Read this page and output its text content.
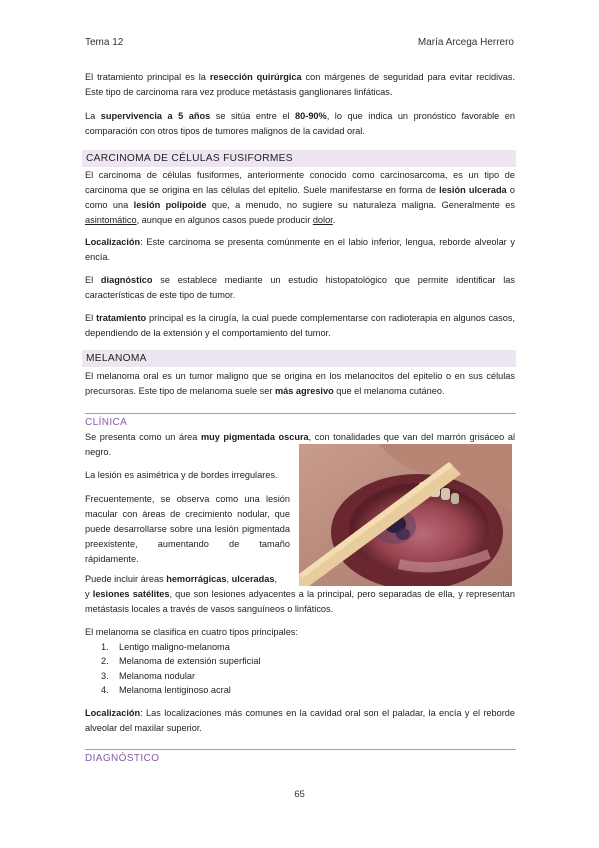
Tema 12	María Arcega Herrero

El tratamiento principal es la resección quirúrgica con márgenes de seguridad para evitar recidivas. Este tipo de carcinoma rara vez produce metástasis ganglionares linfáticas.

La supervivencia a 5 años se sitúa entre el 80-90%, lo que indica un pronóstico favorable en comparación con otros tipos de tumores malignos de la cavidad oral.

CARCINOMA DE CÉLULAS FUSIFORMES

El carcinoma de células fusiformes, anteriormente conocido como carcinosarcoma, es un tipo de carcinoma que se origina en las células del epitelio. Suele manifestarse en forma de lesión ulcerada o como una lesión polipoide que, a menudo, no sugiere su naturaleza maligna. Generalmente es asintomático, aunque en algunos casos puede producir dolor.

Localización: Este carcinoma se presenta comúnmente en el labio inferior, lengua, reborde alveolar y encía.

El diagnóstico se establece mediante un estudio histopatológico que permite identificar las características de este tipo de tumor.

El tratamiento principal es la cirugía, la cual puede complementarse con radioterapia en algunos casos, dependiendo de la extensión y el comportamiento del tumor.

MELANOMA

El melanoma oral es un tumor maligno que se origina en los melanocitos del epitelio o en sus células precursoras. Este tipo de melanoma suele ser más agresivo que el melanoma cutáneo.

CLÍNICA

Se presenta como un área muy pigmentada oscura, con tonalidades que van del marrón grisáceo al negro.

La lesión es asimétrica y de bordes irregulares.

Frecuentemente, se observa como una lesión macular con áreas de crecimiento nodular, que puede desarrollarse sobre una lesión pigmentada preexistente, aumentando de tamaño rápidamente.

Puede incluir áreas hemorrágicas, ulceradas,

y lesiones satélites, que son lesiones adyacentes a la principal, pero separadas de ella, y representan metástasis locales a través de vasos sanguíneos o linfáticos.

El melanoma se clasifica en cuatro tipos principales:

1.	Lentigo maligno-melanoma
2.	Melanoma de extensión superficial
3.	Melanoma nodular
4.	Melanoma lentiginoso acral

Localización: Las localizaciones más comunes en la cavidad oral son el paladar, la encía y el reborde alveolar del maxilar superior.

DIAGNÓSTICO
65
